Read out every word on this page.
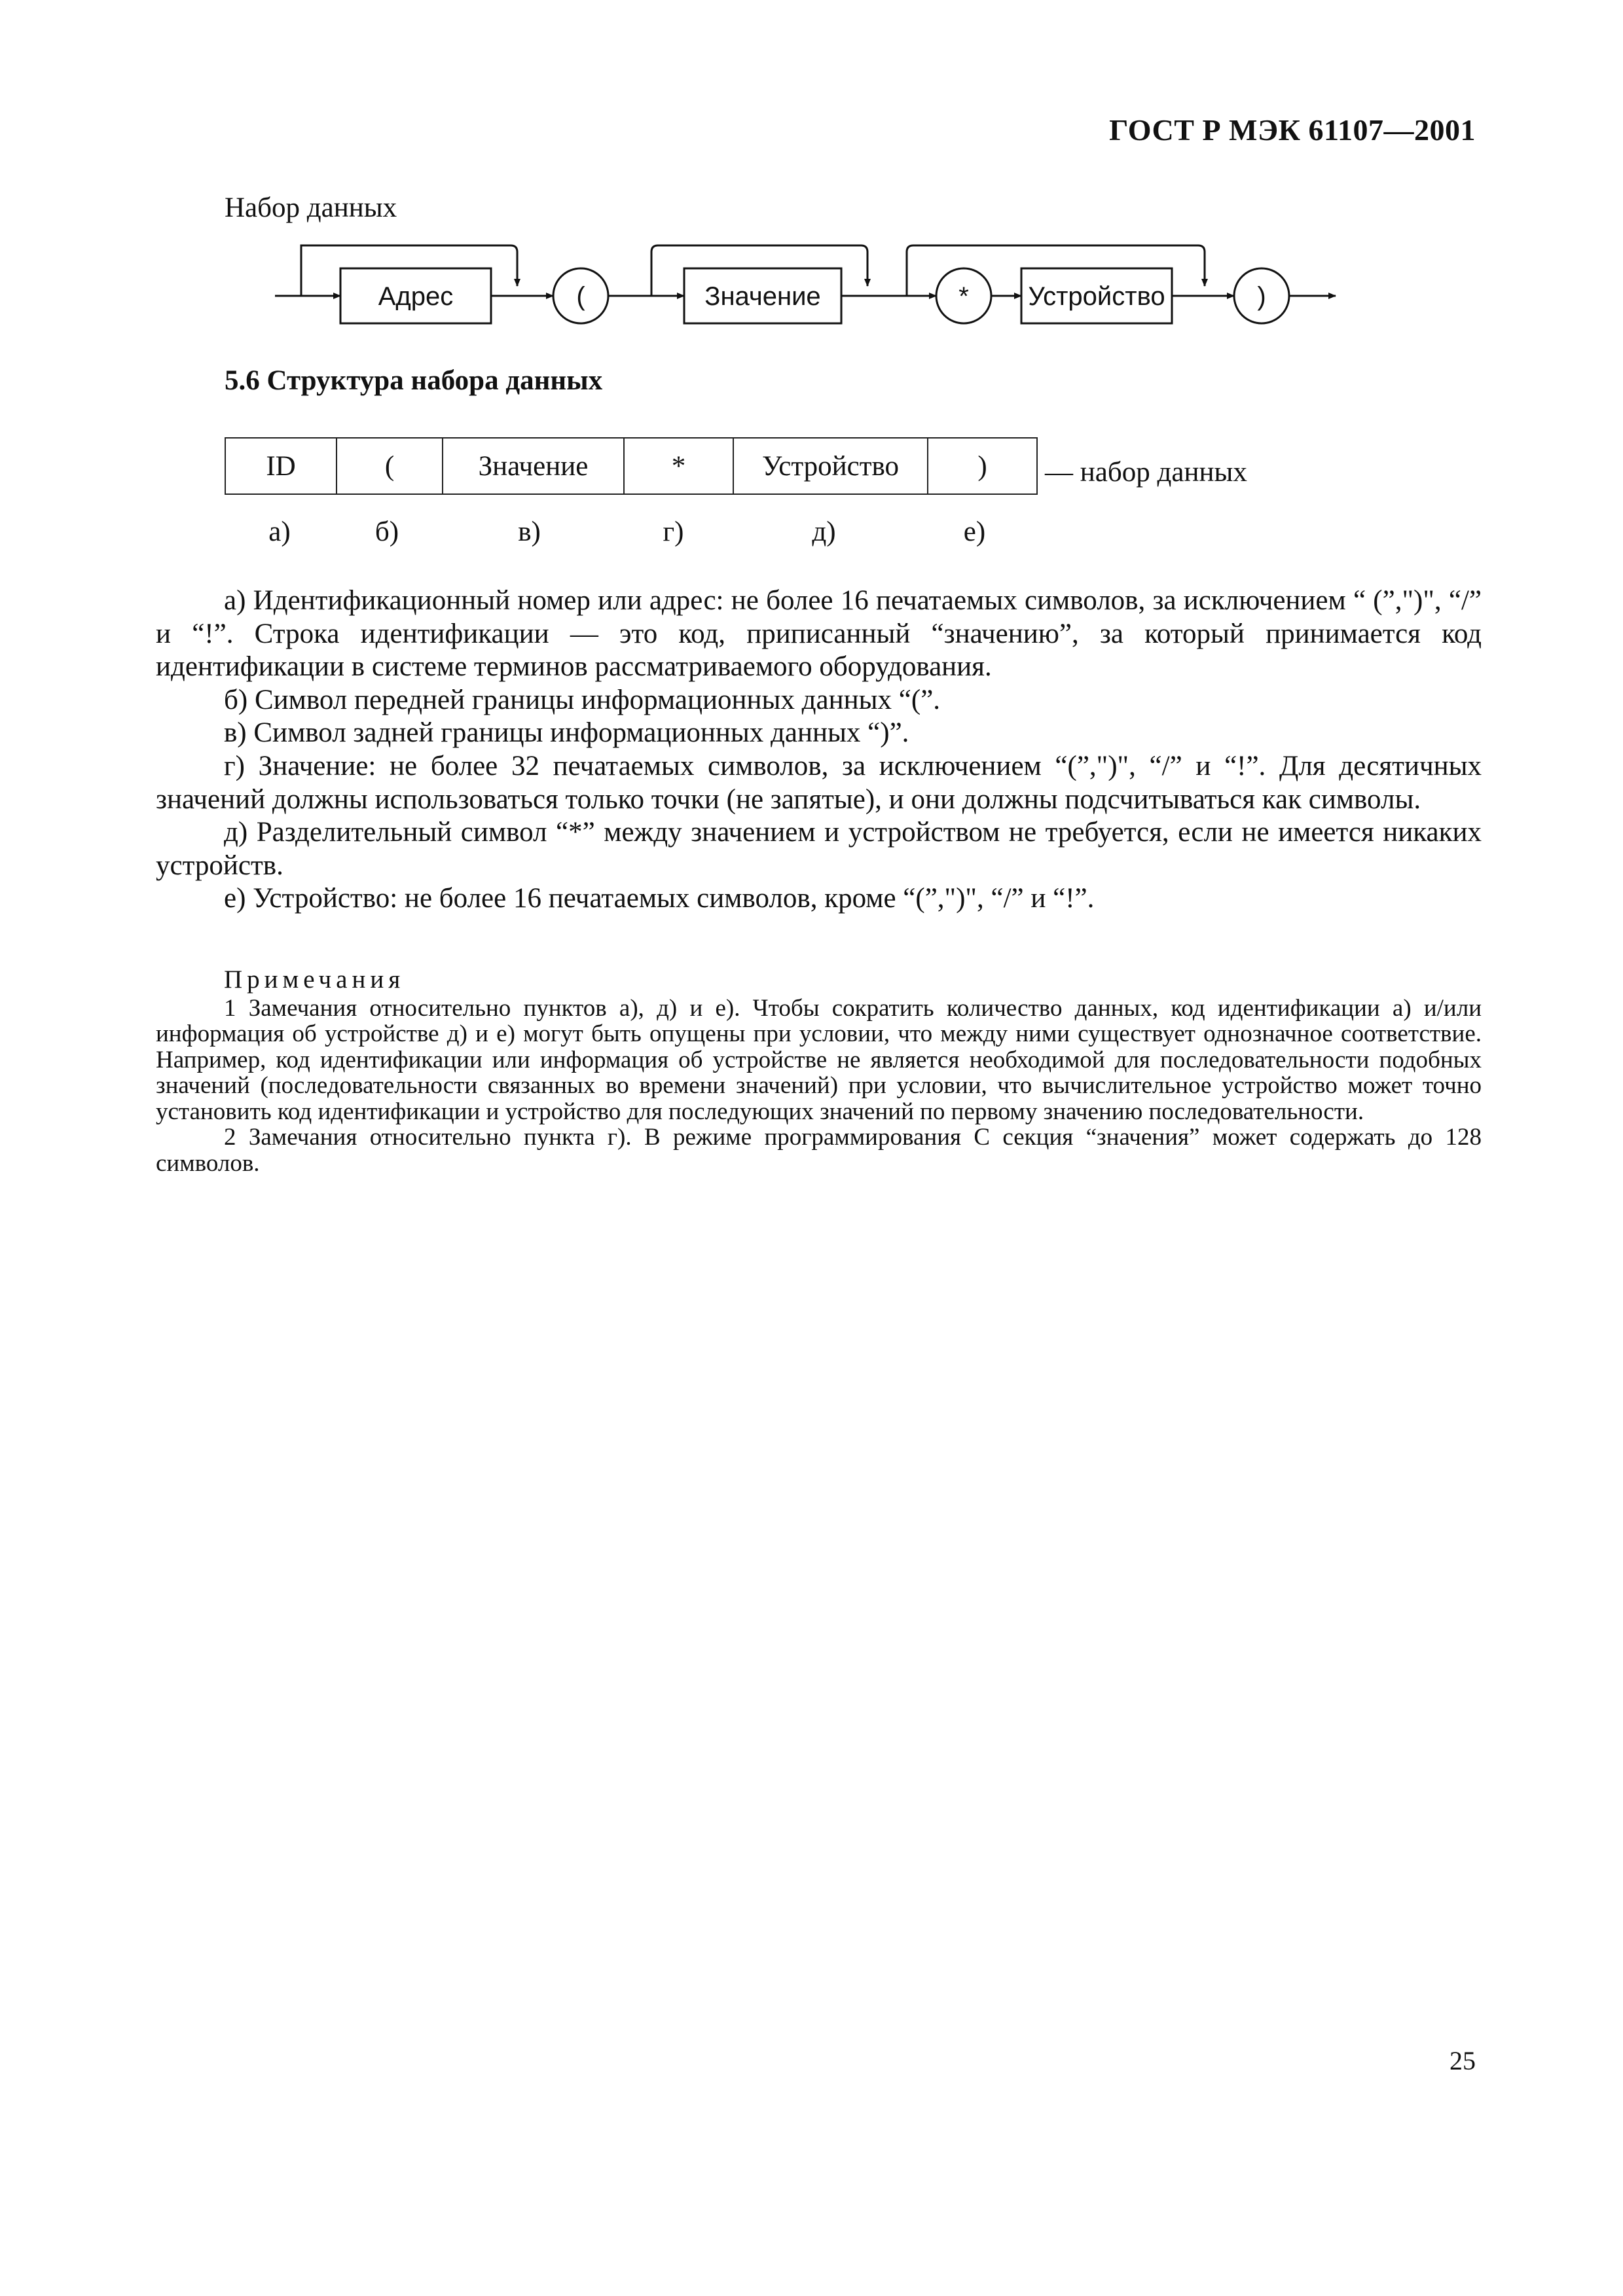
ГОСТ Р МЭК 61107—2001
Набор данных
Адрес	(	Значение	* Устройство	)
5.6 Структура набора данных
ID	(	Значение	*	Устройство	) — набор данных
а)	б)	в)	г)	д)	е)

а) Идентификационный номер или адрес: не более 16 печатаемых символов, за исключением “ (”,")", “/” и “!”. Строка идентификации — это код, приписанный “значению”, за который принимается код идентификации в системе терминов рассматриваемого оборудования.

б) Символ передней границы информационных данных “(”.

в) Символ задней границы информационных данных “)”.

г) Значение: не более 32 печатаемых символов, за исключением “(”,")", “/” и “!”. Для десятичных значений должны использоваться только точки (не запятые), и они должны подсчитываться как символы.

д) Разделительный символ “*” между значением и устройством не требуется, если не имеется никаких устройств.

е) Устройство: не более 16 печатаемых символов, кроме “(”,")", “/” и “!”.

Примечания

1 Замечания относительно пунктов а), д) и е). Чтобы сократить количество данных, код идентификации а) и/или информация об устройстве д) и е) могут быть опущены при условии, что между ними существует однозначное соответствие. Например, код идентификации или информация об устройстве не является необходимой для последовательности подобных значений (последовательности связанных во времени значений) при условии, что вычислительное устройство может точно установить код идентификации и устройство для последующих значений по первому значению последовательности.

2 Замечания относительно пункта г). В режиме программирования С секция “значения” может содержать до 128 символов.

25
